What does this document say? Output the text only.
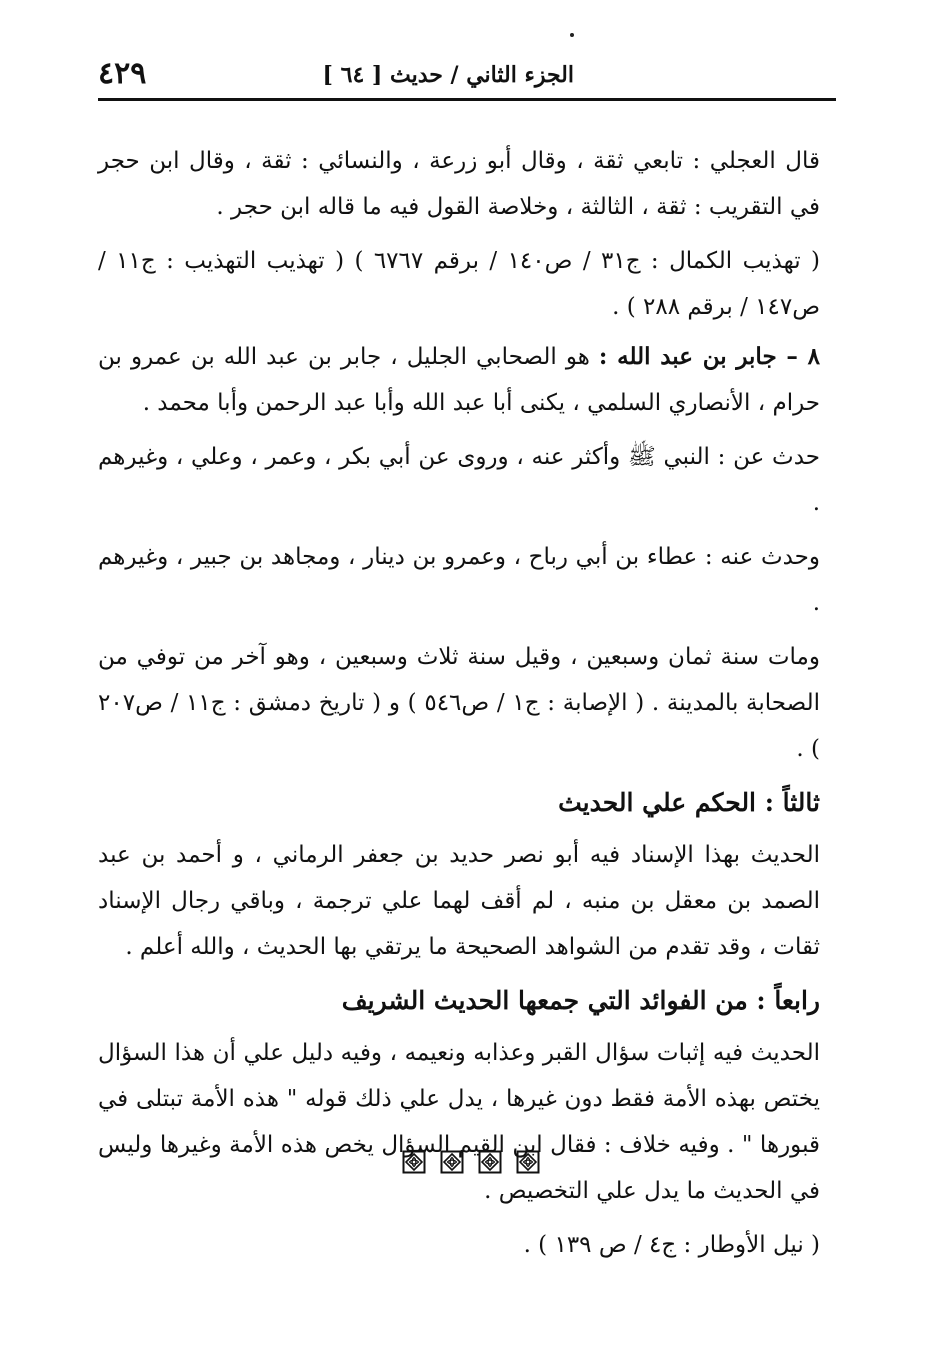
٤٢٩	الجزء الثاني / حديث [ ٦٤ ]

قال العجلي : تابعي ثقة ، وقال أبو زرعة ، والنسائي : ثقة ، وقال ابن حجر في التقريب : ثقة ، الثالثة ، وخلاصة القول فيه ما قاله ابن حجر .

( تهذيب الكمال : ج٣١ / ص١٤٠ / برقم ٦٧٦٧ ) ( تهذيب التهذيب : ج١١ / ص١٤٧ / برقم ٢٨٨ ) .

٨ – جابر بن عبد الله : هو الصحابي الجليل ، جابر بن عبد الله بن عمرو بن حرام ، الأنصاري السلمي ، يكنى أبا عبد الله وأبا عبد الرحمن وأبا محمد .

حدث عن : النبي ﷺ وأكثر عنه ، وروى عن أبي بكر ، وعمر ، وعلي ، وغيرهم .

وحدث عنه : عطاء بن أبي رباح ، وعمرو بن دينار ، ومجاهد بن جبير ، وغيرهم .

ومات سنة ثمان وسبعين ، وقيل سنة ثلاث وسبعين ، وهو آخر من توفي من الصحابة بالمدينة . ( الإصابة : ج١ / ص٥٤٦ ) و ( تاريخ دمشق : ج١١ / ص٢٠٧ ) .

ثالثاً : الحكم علي الحديث

الحديث بهذا الإسناد فيه أبو نصر حديد بن جعفر الرماني ، و أحمد بن عبد الصمد بن معقل بن منبه ، لم أقف لهما علي ترجمة ، وباقي رجال الإسناد ثقات ، وقد تقدم من الشواهد الصحيحة ما يرتقي بها الحديث ، والله أعلم .

رابعاً : من الفوائد التي جمعها الحديث الشريف

الحديث فيه إثبات سؤال القبر وعذابه ونعيمه ، وفيه دليل علي أن هذا السؤال يختص بهذه الأمة فقط دون غيرها ، يدل علي ذلك قوله " هذه الأمة تبتلى في قبورها " . وفيه خلاف : فقال ابن القيم السؤال يخص هذه الأمة وغيرها وليس في الحديث ما يدل علي التخصيص .

( نيل الأوطار : ج٤ / ص ١٣٩ ) .
